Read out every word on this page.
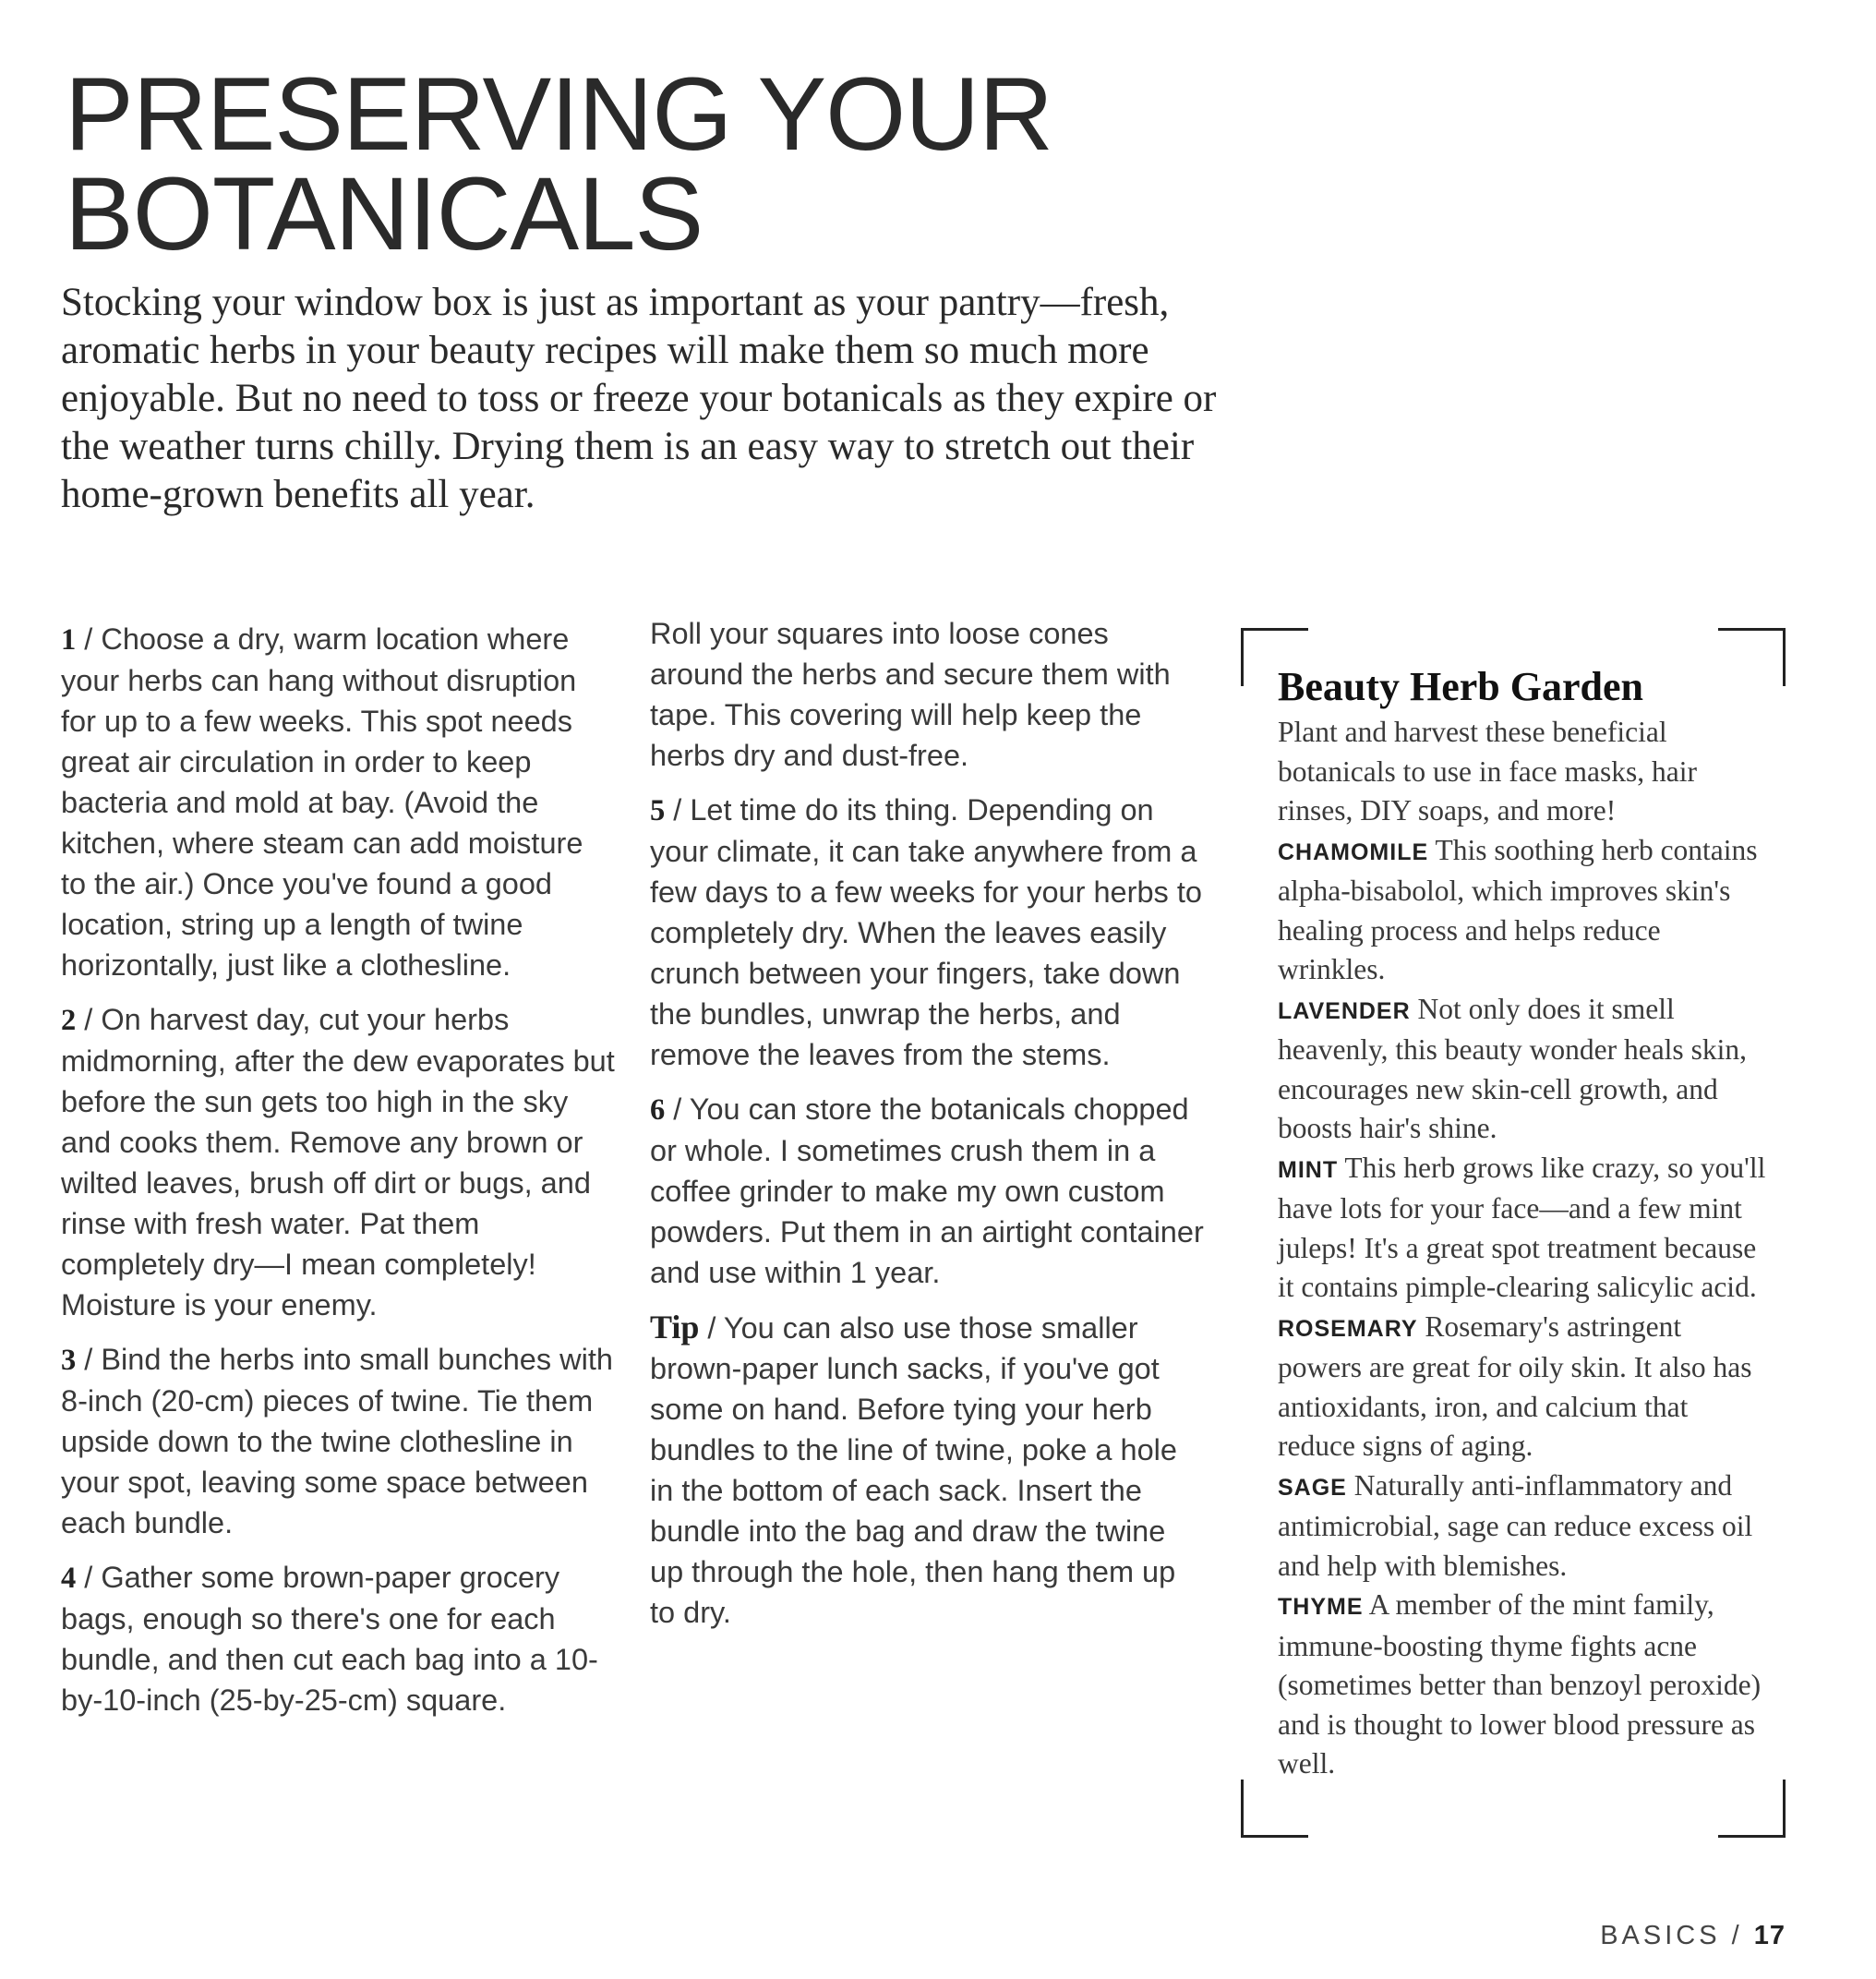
PRESERVING YOUR
BOTANICALS

Stocking your window box is just as important as your pantry—fresh, aromatic herbs in your beauty recipes will make them so much more enjoyable. But no need to toss or freeze your botanicals as they expire or the weather turns chilly. Drying them is an easy way to stretch out their home-grown benefits all year.

1 / Choose a dry, warm location where your herbs can hang without disruption for up to a few weeks. This spot needs great air circulation in order to keep bacteria and mold at bay. (Avoid the kitchen, where steam can add moisture to the air.) Once you've found a good location, string up a length of twine horizontally, just like a clothesline.

2 / On harvest day, cut your herbs midmorning, after the dew evaporates but before the sun gets too high in the sky and cooks them. Remove any brown or wilted leaves, brush off dirt or bugs, and rinse with fresh water. Pat them completely dry—I mean completely! Moisture is your enemy.

3 / Bind the herbs into small bunches with 8-inch (20-cm) pieces of twine. Tie them upside down to the twine clothesline in your spot, leaving some space between each bundle.

4 / Gather some brown-paper grocery bags, enough so there's one for each bundle, and then cut each bag into a 10-by-10-inch (25-by-25-cm) square.

Roll your squares into loose cones around the herbs and secure them with tape. This covering will help keep the herbs dry and dust-free.

5 / Let time do its thing. Depending on your climate, it can take anywhere from a few days to a few weeks for your herbs to completely dry. When the leaves easily crunch between your fingers, take down the bundles, unwrap the herbs, and remove the leaves from the stems.

6 / You can store the botanicals chopped or whole. I sometimes crush them in a coffee grinder to make my own custom powders. Put them in an airtight container and use within 1 year.

Tip / You can also use those smaller brown-paper lunch sacks, if you've got some on hand. Before tying your herb bundles to the line of twine, poke a hole in the bottom of each sack. Insert the bundle into the bag and draw the twine up through the hole, then hang them up to dry.

Beauty Herb Garden
Plant and harvest these beneficial botanicals to use in face masks, hair rinses, DIY soaps, and more!
CHAMOMILE This soothing herb contains alpha-bisabolol, which improves skin's healing process and helps reduce wrinkles.
LAVENDER Not only does it smell heavenly, this beauty wonder heals skin, encourages new skin-cell growth, and boosts hair's shine.
MINT This herb grows like crazy, so you'll have lots for your face—and a few mint juleps! It's a great spot treatment because it contains pimple-clearing salicylic acid.
ROSEMARY Rosemary's astringent powers are great for oily skin. It also has antioxidants, iron, and calcium that reduce signs of aging.
SAGE Naturally anti-inflammatory and antimicrobial, sage can reduce excess oil and help with blemishes.
THYME A member of the mint family, immune-boosting thyme fights acne (sometimes better than benzoyl peroxide) and is thought to lower blood pressure as well.
BASICS / 17
